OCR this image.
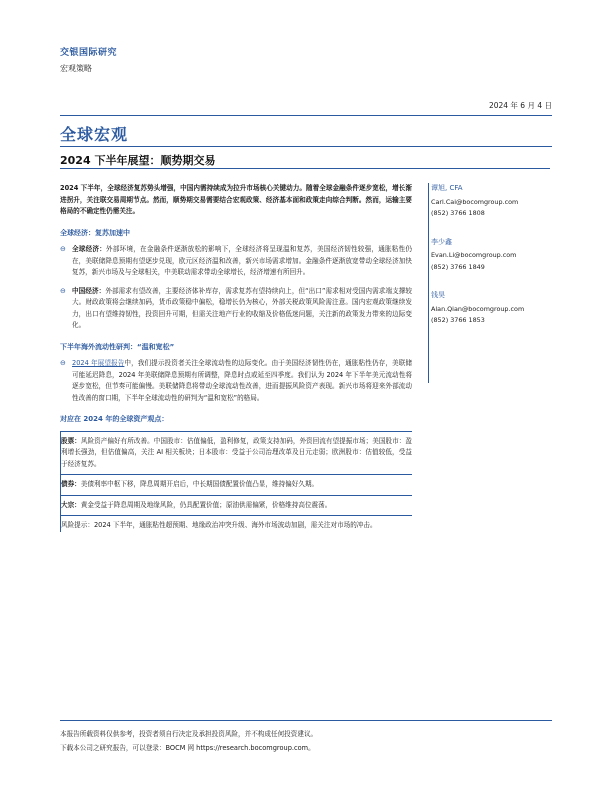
交银国际研究
宏观策略
2024 年 6 月 4 日
全球宏观
2024 下半年展望：顺势期交易
2024 下半年，全球经济复苏势头增强，中国内需持续成为拉升市场核心关键动力。随着全球金融条件逐步宽松，增长渐进拐升，关注联交易周期节点。然而，顺势期交易需要结合宏观政策、经济基本面和政策走向综合判断。然而，运输主要格局的不确定性仍需关注。
全球经济：复苏加速中
⊖ 全球经济：外部环境，在金融条件逐渐放松的影响下，全球经济将呈现温和复苏，美国经济韧性较强，通胀粘性仍在，美联储降息预期有望逐步兑现，欧元区经济温和改善，新兴市场需求增加。金融条件逐渐放宽带动全球经济加快复苏，新兴市场及与全球相关，中美联动需求带动全球增长，经济增速有所回升。
⊖ 中国经济：外部需求有望改善，主要经济体补库存，需求复苏有望持续向上，但“出口”需求相对受国内需求端支撑较大。财政政策将会继续加码，货币政策稳中偏松，稳增长仍为核心，外部关税政策风险需注意。国内宏观政策继续发力，出口有望维持韧性，投资回升可期，但需关注地产行业的收缩及价格低迷问题，关注新的政策发力带来的边际变化。
下半年海外流动性研判：“温和宽松”
⊖ 2024 年展望报告中，我们提示投资者关注全球流动性的边际变化。由于美国经济韧性仍在，通胀粘性仍存，美联储可能延迟降息，2024 年美联储降息预期有所调整，降息时点或延至四季度。我们认为 2024 年下半年美元流动性将逐步宽松，但节奏可能偏慢。美联储降息将带动全球流动性改善，进而提振风险资产表现。新兴市场将迎来外部流动性改善的窗口期，下半年全球流动性的研判为“温和宽松”的格局。
对应在 2024 年的全球资产观点：

股票：风险资产偏好有所改善。中国股市：估值偏低，盈利修复，政策支持加码，外资回流有望提振市场；美国股市：盈利增长强劲，但估值偏高，关注 AI 相关板块；日本股市：受益于公司治理改革及日元走弱；欧洲股市：估值较低，受益于经济复苏。

债券：美债利率中枢下移，降息周期开启后，中长期国债配置价值凸显，维持偏好久期。

大宗：黄金受益于降息周期及地缘风险，仍具配置价值；原油供需偏紧，价格维持高位震荡。

风险提示：2024 下半年，通胀粘性超预期、地缘政治冲突升级、海外市场波动加剧，需关注对市场的冲击。

谭旭, CFA
Carl.Cai@bocomgroup.com
(852) 3766 1808
李少鑫
Evan.Li@bocomgroup.com
(852) 3766 1849
钱昊
Alan.Qian@bocomgroup.com
(852) 3766 1853
本报告所载资料仅供参考，投资者须自行决定及承担投资风险，并不构成任何投资建议。
下载本公司之研究报告，可以登录：BOCM 网 https://research.bocomgroup.com。
